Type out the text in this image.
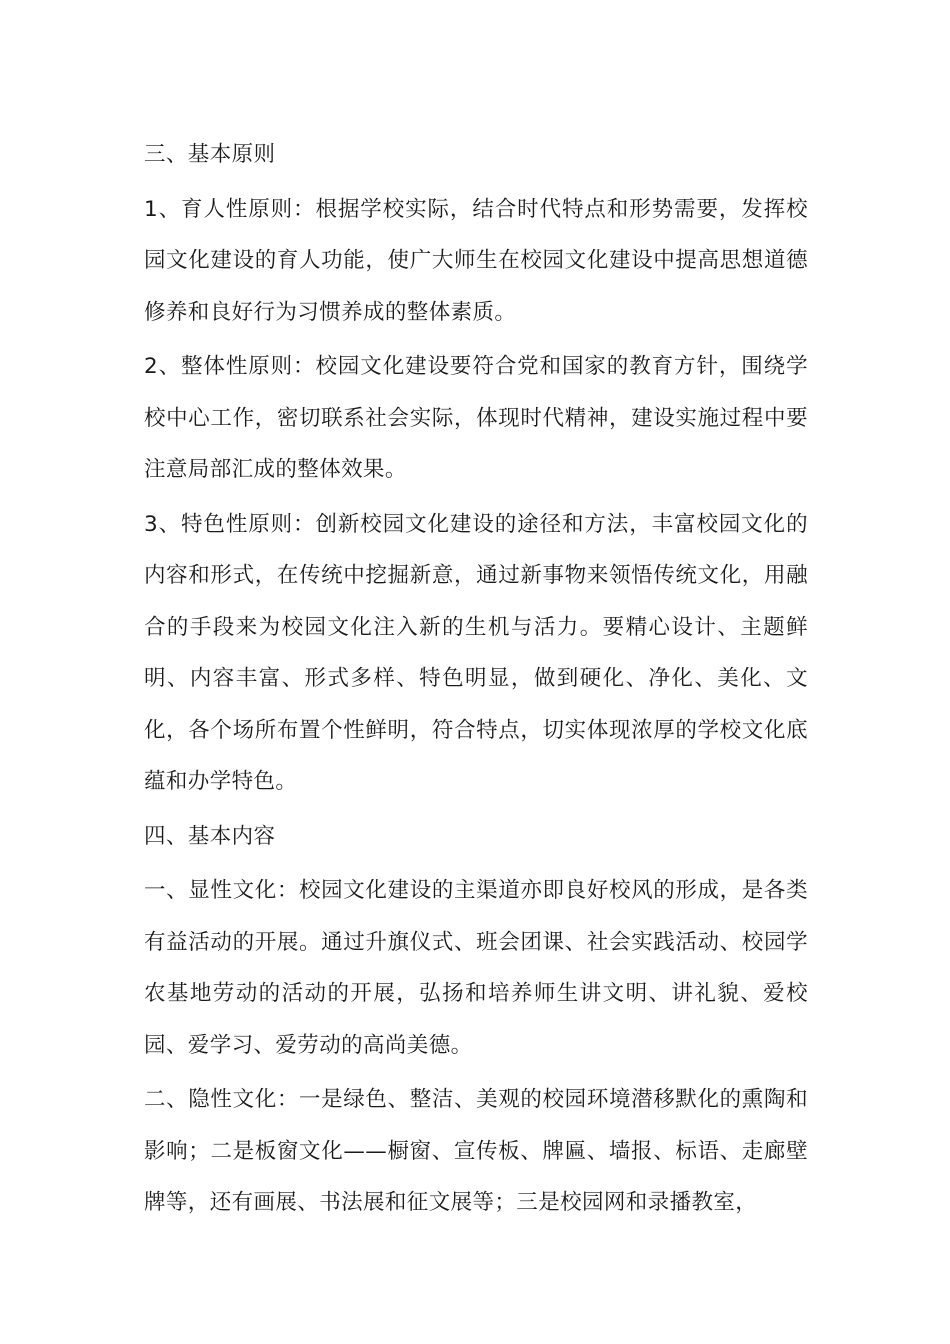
三、基本原则

1、育人性原则：根据学校实际，结合时代特点和形势需要，发挥校园文化建设的育人功能，使广大师生在校园文化建设中提高思想道德修养和良好行为习惯养成的整体素质。

2、整体性原则：校园文化建设要符合党和国家的教育方针，围绕学校中心工作，密切联系社会实际，体现时代精神，建设实施过程中要注意局部汇成的整体效果。

3、特色性原则：创新校园文化建设的途径和方法，丰富校园文化的内容和形式，在传统中挖掘新意，通过新事物来领悟传统文化，用融合的手段来为校园文化注入新的生机与活力。要精心设计、主题鲜明、内容丰富、形式多样、特色明显，做到硬化、净化、美化、文化，各个场所布置个性鲜明，符合特点，切实体现浓厚的学校文化底蕴和办学特色。

四、基本内容

一、显性文化：校园文化建设的主渠道亦即良好校风的形成，是各类有益活动的开展。通过升旗仪式、班会团课、社会实践活动、校园学农基地劳动的活动的开展，弘扬和培养师生讲文明、讲礼貌、爱校园、爱学习、爱劳动的高尚美德。

二、隐性文化：一是绿色、整洁、美观的校园环境潜移默化的熏陶和影响；二是板窗文化——橱窗、宣传板、牌匾、墙报、标语、走廊壁牌等，还有画展、书法展和征文展等；三是校园网和录播教室，
